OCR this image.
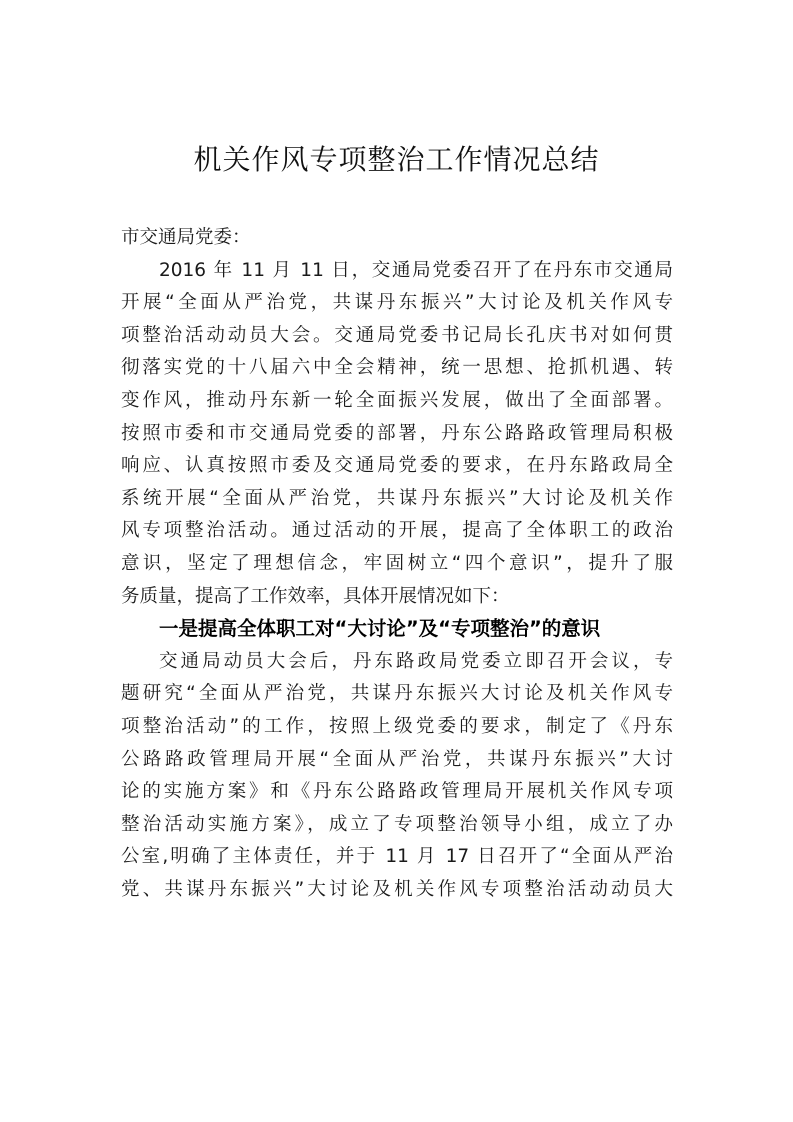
机关作风专项整治工作情况总结
市交通局党委：
2016 年 11 月 11 日，交通局党委召开了在丹东市交通局
开展“全面从严治党，共谋丹东振兴”大讨论及机关作风专
项整治活动动员大会。交通局党委书记局长孔庆书对如何贯
彻落实党的十八届六中全会精神，统一思想、抢抓机遇、转
变作风，推动丹东新一轮全面振兴发展，做出了全面部署。
按照市委和市交通局党委的部署，丹东公路路政管理局积极
响应、认真按照市委及交通局党委的要求，在丹东路政局全
系统开展“全面从严治党，共谋丹东振兴”大讨论及机关作
风专项整治活动。通过活动的开展，提高了全体职工的政治
意识，坚定了理想信念，牢固树立“四个意识”，提升了服
务质量，提高了工作效率，具体开展情况如下：
一是提高全体职工对“大讨论”及“专项整治”的意识
交通局动员大会后，丹东路政局党委立即召开会议，专
题研究“全面从严治党，共谋丹东振兴大讨论及机关作风专
项整治活动”的工作，按照上级党委的要求，制定了《丹东
公路路政管理局开展“全面从严治党，共谋丹东振兴”大讨
论的实施方案》和《丹东公路路政管理局开展机关作风专项
整治活动实施方案》，成立了专项整治领导小组，成立了办
公室,明确了主体责任，并于 11 月 17 日召开了“全面从严治
党、共谋丹东振兴”大讨论及机关作风专项整治活动动员大
